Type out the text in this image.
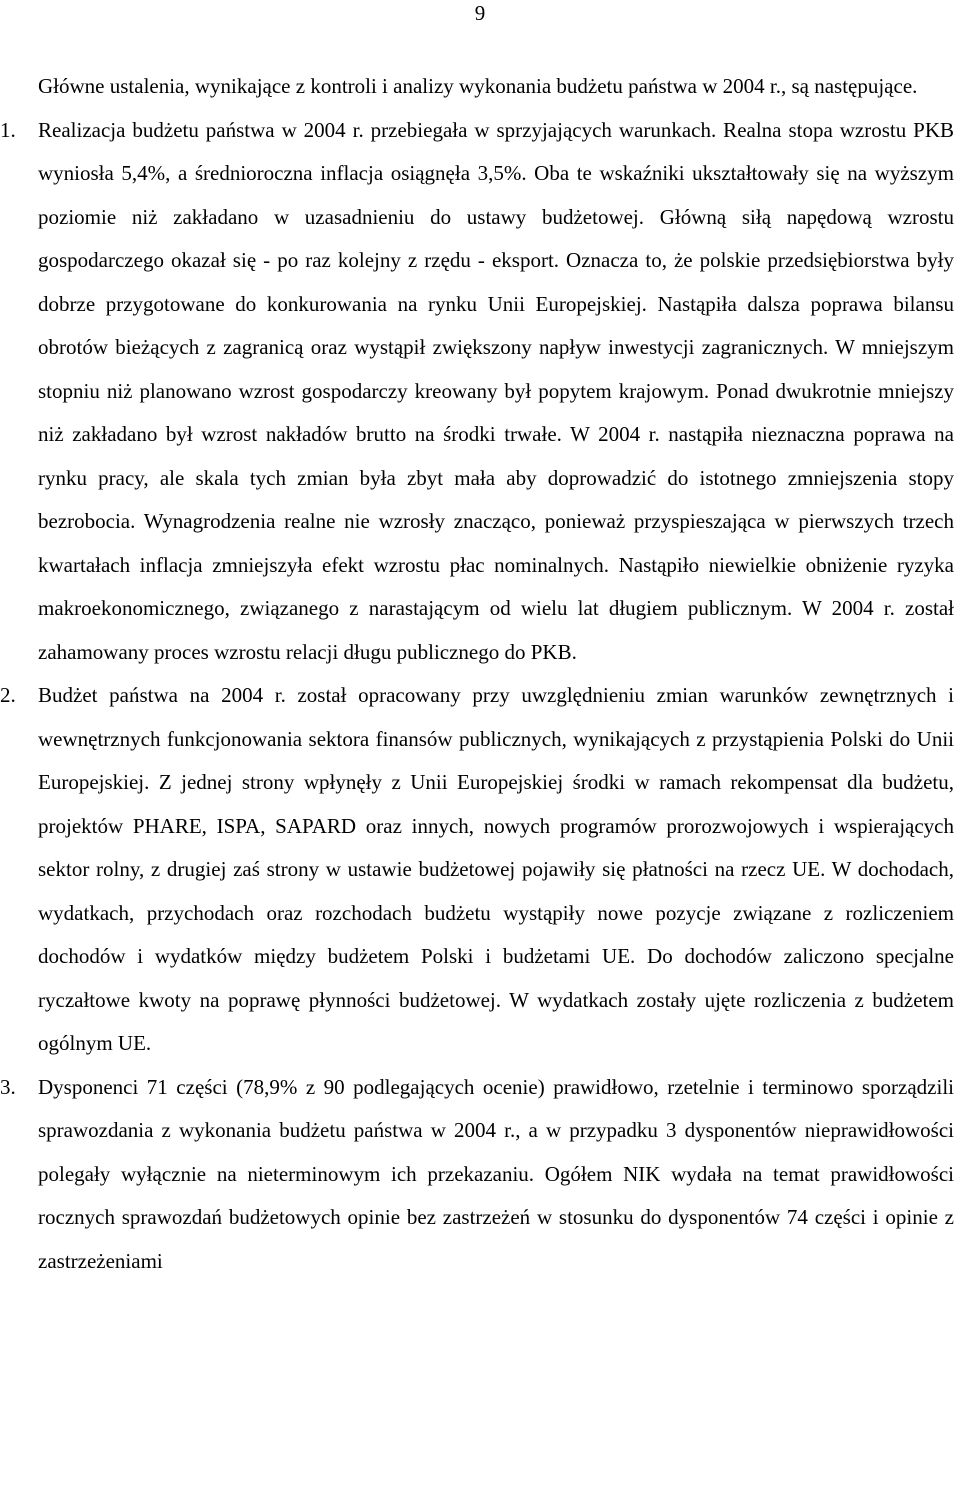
9

Główne ustalenia, wynikające z kontroli i analizy wykonania budżetu państwa w 2004 r., są następujące.

1.	Realizacja budżetu państwa w 2004 r. przebiegała w sprzyjających warunkach. Realna stopa wzrostu PKB wyniosła 5,4%, a średnioroczna inflacja osiągnęła 3,5%. Oba te wskaźniki ukształtowały się na wyższym poziomie niż zakładano w uzasadnieniu do ustawy budżetowej. Główną siłą napędową wzrostu gospodarczego okazał się - po raz kolejny z rzędu - eksport. Oznacza to, że polskie przedsiębiorstwa były dobrze przygotowane do konkurowania na rynku Unii Europejskiej. Nastąpiła dalsza poprawa bilansu obrotów bieżących z zagranicą oraz wystąpił zwiększony napływ inwestycji zagranicznych. W mniejszym stopniu niż planowano wzrost gospodarczy kreowany był popytem krajowym. Ponad dwukrotnie mniejszy niż zakładano był wzrost nakładów brutto na środki trwałe. W 2004 r. nastąpiła nieznaczna poprawa na rynku pracy, ale skala tych zmian była zbyt mała aby doprowadzić do istotnego zmniejszenia stopy bezrobocia. Wynagrodzenia realne nie wzrosły znacząco, ponieważ przyspieszająca w pierwszych trzech kwartałach inflacja zmniejszyła efekt wzrostu płac nominalnych. Nastąpiło niewielkie obniżenie ryzyka makroekonomicznego, związanego z narastającym od wielu lat długiem publicznym. W 2004 r. został zahamowany proces wzrostu relacji długu publicznego do PKB.
2.	Budżet państwa na 2004 r. został opracowany przy uwzględnieniu zmian warunków zewnętrznych i wewnętrznych funkcjonowania sektora finansów publicznych, wynikających z przystąpienia Polski do Unii Europejskiej. Z jednej strony wpłynęły z Unii Europejskiej środki w ramach rekompensat dla budżetu, projektów PHARE, ISPA, SAPARD oraz innych, nowych programów prorozwojowych i wspierających sektor rolny, z drugiej zaś strony w ustawie budżetowej pojawiły się płatności na rzecz UE. W dochodach, wydatkach, przychodach oraz rozchodach budżetu wystąpiły nowe pozycje związane z rozliczeniem dochodów i wydatków między budżetem Polski i budżetami UE. Do dochodów zaliczono specjalne ryczałtowe kwoty na poprawę płynności budżetowej. W wydatkach zostały ujęte rozliczenia z budżetem ogólnym UE.
3.	Dysponenci 71 części (78,9% z 90 podlegających ocenie) prawidłowo, rzetelnie i terminowo sporządzili sprawozdania z wykonania budżetu państwa w 2004 r., a w przypadku 3 dysponentów nieprawidłowości polegały wyłącznie na nieterminowym ich przekazaniu. Ogółem NIK wydała na temat prawidłowości rocznych sprawozdań budżetowych opinie bez zastrzeżeń w stosunku do dysponentów 74 części i opinie z zastrzeżeniami
